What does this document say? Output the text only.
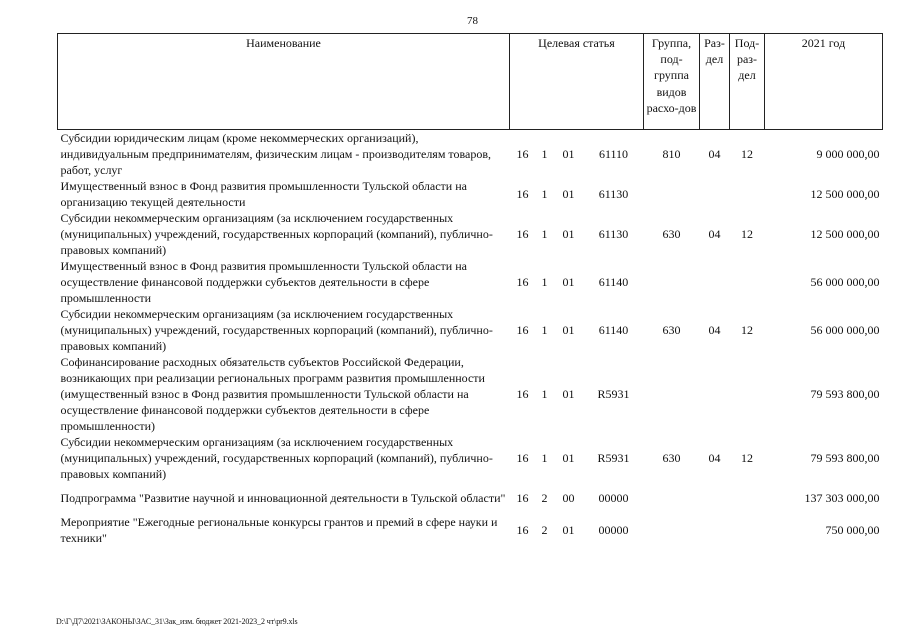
78
Наименование	Целевая статья				Группа, под-группа видов расхо-дов	Раз-дел	Под-раз-дел	2021 год
Субсидии юридическим лицам (кроме некоммерческих организаций), индивидуальным предпринимателям, физическим лицам - производителям товаров, работ, услуг	16	1	01	61110	810	04	12	9 000 000,00
Имущественный взнос в Фонд развития промышленности Тульской области на организацию текущей деятельности	16	1	01	61130				12 500 000,00
Субсидии некоммерческим организациям (за исключением государственных (муниципальных) учреждений, государственных корпораций (компаний), публично-правовых компаний)	16	1	01	61130	630	04	12	12 500 000,00
Имущественный взнос в Фонд развития промышленности Тульской области на осуществление финансовой поддержки субъектов деятельности в сфере промышленности	16	1	01	61140				56 000 000,00
Субсидии некоммерческим организациям (за исключением государственных (муниципальных) учреждений, государственных корпораций (компаний), публично-правовых компаний)	16	1	01	61140	630	04	12	56 000 000,00
Софинансирование расходных обязательств субъектов Российской Федерации, возникающих при реализации региональных программ развития промышленности (имущественный взнос в Фонд развития промышленности Тульской области на осуществление финансовой поддержки субъектов деятельности в сфере промышленности)	16	1	01	R5931				79 593 800,00
Субсидии некоммерческим организациям (за исключением государственных (муниципальных) учреждений, государственных корпораций (компаний), публично-правовых компаний)	16	1	01	R5931	630	04	12	79 593 800,00
Подпрограмма "Развитие научной и инновационной деятельности в Тульской области"	16	2	00	00000				137 303 000,00
Мероприятие "Ежегодные региональные конкурсы грантов и премий в сфере науки и техники"	16	2	01	00000				750 000,00
D:\Г\Д7\2021\ЗАКОНЫ\ЗАС_31\Зак_изм. бюджет 2021-2023_2 чт\pr9.xls
